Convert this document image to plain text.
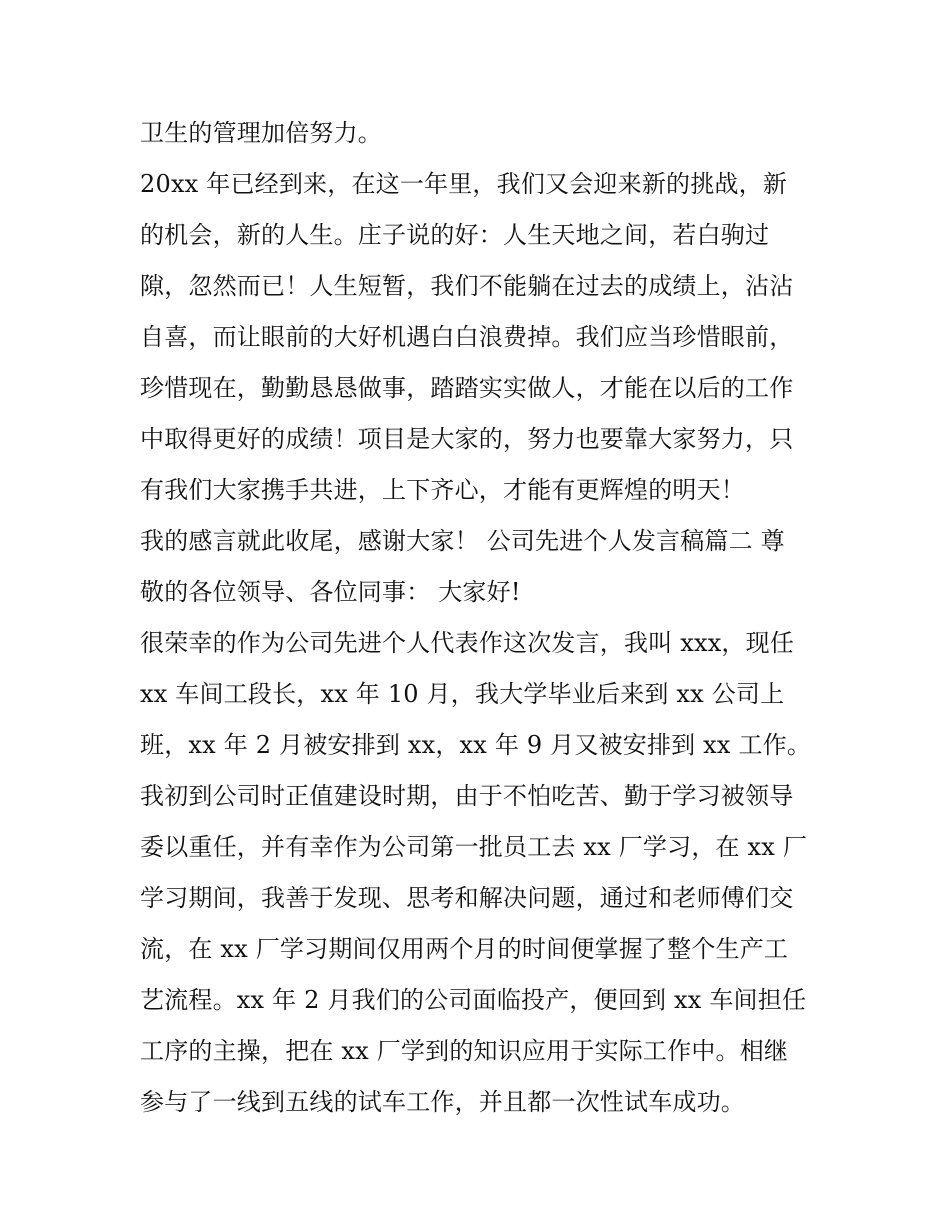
卫生的管理加倍努力。
20xx 年已经到来，在这一年里，我们又会迎来新的挑战，新
的机会，新的人生。庄子说的好：人生天地之间，若白驹过
隙，忽然而已！人生短暂，我们不能躺在过去的成绩上，沾沾
自喜，而让眼前的大好机遇白白浪费掉。我们应当珍惜眼前，
珍惜现在，勤勤恳恳做事，踏踏实实做人，才能在以后的工作
中取得更好的成绩！项目是大家的，努力也要靠大家努力，只
有我们大家携手共进，上下齐心，才能有更辉煌的明天！
我的感言就此收尾，感谢大家！ 公司先进个人发言稿篇二 尊
敬的各位领导、各位同事： 大家好!
很荣幸的作为公司先进个人代表作这次发言，我叫 xxx，现任
xx 车间工段长，xx 年 10 月，我大学毕业后来到 xx 公司上
班，xx 年 2 月被安排到 xx，xx 年 9 月又被安排到 xx 工作。
我初到公司时正值建设时期，由于不怕吃苦、勤于学习被领导
委以重任，并有幸作为公司第一批员工去 xx 厂学习，在 xx 厂
学习期间，我善于发现、思考和解决问题，通过和老师傅们交
流，在 xx 厂学习期间仅用两个月的时间便掌握了整个生产工
艺流程。xx 年 2 月我们的公司面临投产，便回到 xx 车间担任
工序的主操，把在 xx 厂学到的知识应用于实际工作中。相继
参与了一线到五线的试车工作，并且都一次性试车成功。
